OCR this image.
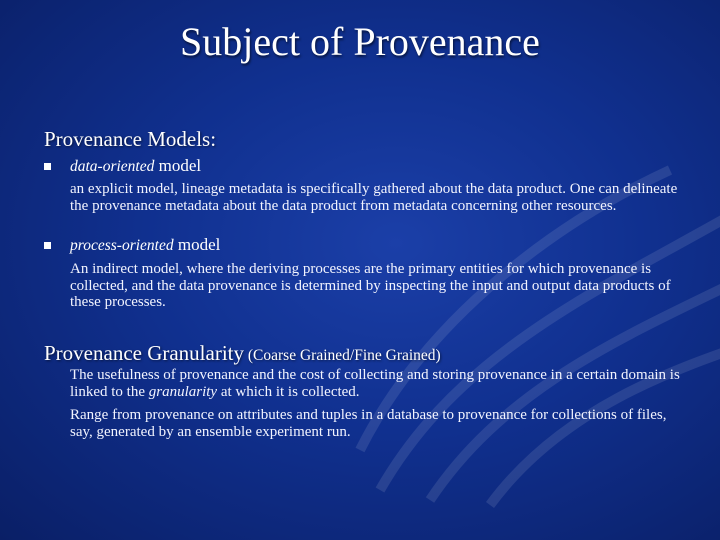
Subject of Provenance
Provenance Models:
data-oriented model
an explicit model, lineage metadata is specifically gathered about the data product. One can delineate the provenance metadata about the data product from metadata concerning other resources.
process-oriented model
An indirect model, where the deriving processes are the primary entities for which provenance is collected, and the data provenance is determined by inspecting the input and output data products of these processes.
Provenance Granularity (Coarse Grained/Fine Grained)
The usefulness of provenance and the cost of collecting and storing provenance in a certain domain is linked to the granularity at which it is collected.
Range from provenance on attributes and tuples in a database to provenance for collections of files, say, generated by an ensemble experiment run.
